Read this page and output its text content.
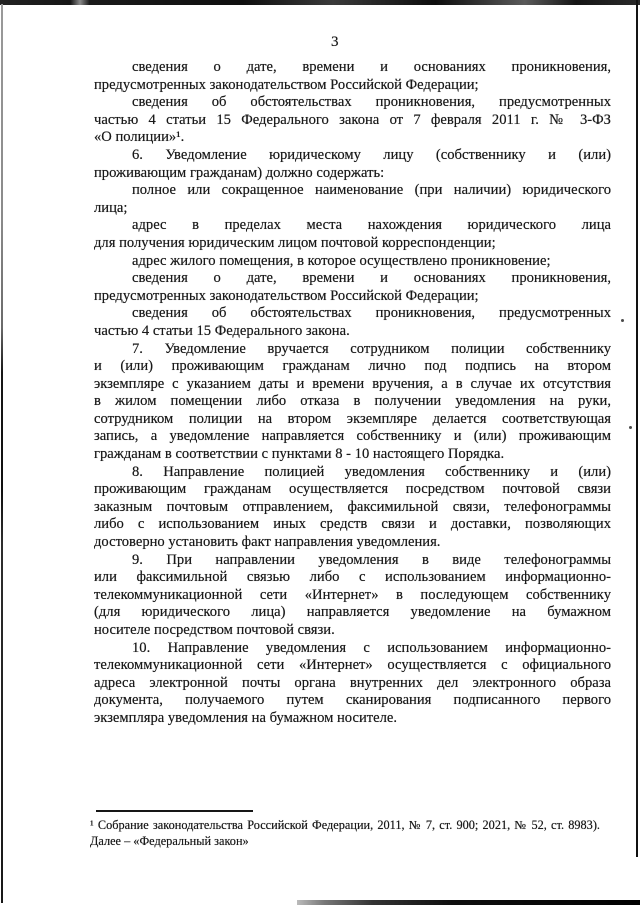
3
сведения о дате, времени и основаниях проникновения,
предусмотренных законодательством Российской Федерации;
сведения об обстоятельствах проникновения, предусмотренных
частью 4 статьи 15 Федерального закона от 7 февраля 2011 г. № 3-ФЗ
«О полиции»¹.
6. Уведомление юридическому лицу (собственнику и (или)
проживающим гражданам) должно содержать:
полное или сокращенное наименование (при наличии) юридического
лица;
адрес в пределах места нахождения юридического лица
для получения юридическим лицом почтовой корреспонденции;
адрес жилого помещения, в которое осуществлено проникновение;
сведения о дате, времени и основаниях проникновения,
предусмотренных законодательством Российской Федерации;
сведения об обстоятельствах проникновения, предусмотренных
частью 4 статьи 15 Федерального закона.
7. Уведомление вручается сотрудником полиции собственнику
и (или) проживающим гражданам лично под подпись на втором
экземпляре с указанием даты и времени вручения, а в случае их отсутствия
в жилом помещении либо отказа в получении уведомления на руки,
сотрудником полиции на втором экземпляре делается соответствующая
запись, а уведомление направляется собственнику и (или) проживающим
гражданам в соответствии с пунктами 8 - 10 настоящего Порядка.
8. Направление полицией уведомления собственнику и (или)
проживающим гражданам осуществляется посредством почтовой связи
заказным почтовым отправлением, факсимильной связи, телефонограммы
либо с использованием иных средств связи и доставки, позволяющих
достоверно установить факт направления уведомления.
9. При направлении уведомления в виде телефонограммы
или факсимильной связью либо с использованием информационно-
телекоммуникационной сети «Интернет» в последующем собственнику
(для юридического лица) направляется уведомление на бумажном
носителе посредством почтовой связи.
10. Направление уведомления с использованием информационно-
телекоммуникационной сети «Интернет» осуществляется с официального
адреса электронной почты органа внутренних дел электронного образа
документа, получаемого путем сканирования подписанного первого
экземпляра уведомления на бумажном носителе.
¹ Собрание законодательства Российской Федерации, 2011, № 7, ст. 900; 2021, № 52, ст. 8983).
Далее – «Федеральный закон»
